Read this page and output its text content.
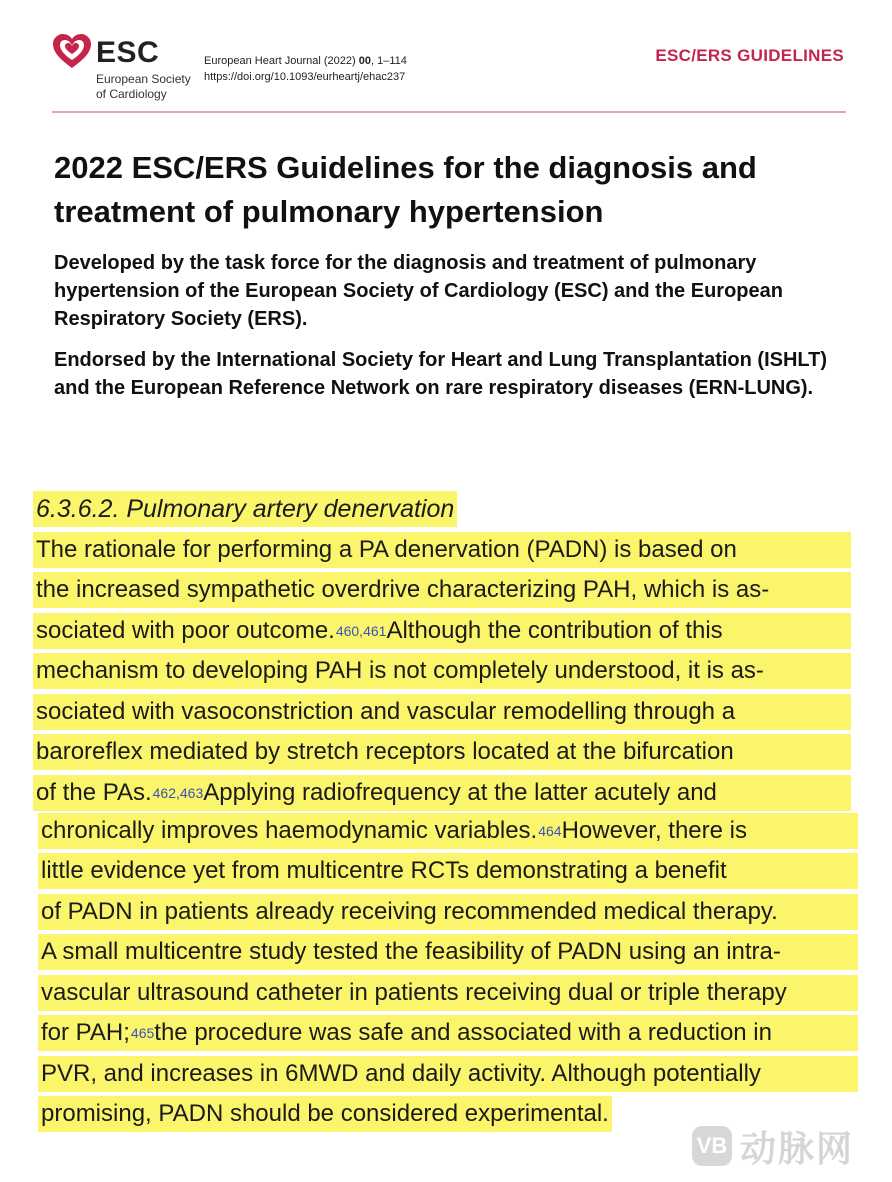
ESC
European Society
of Cardiology
European Heart Journal (2022) 00, 1–114
https://doi.org/10.1093/eurheartj/ehac237
ESC/ERS GUIDELINES
2022 ESC/ERS Guidelines for the diagnosis and treatment of pulmonary hypertension
Developed by the task force for the diagnosis and treatment of pulmonary hypertension of the European Society of Cardiology (ESC) and the European Respiratory Society (ERS).
Endorsed by the International Society for Heart and Lung Transplantation (ISHLT) and the European Reference Network on rare respiratory diseases (ERN-LUNG).
6.3.6.2. Pulmonary artery denervation
The rationale for performing a PA denervation (PADN) is based on
the increased sympathetic overdrive characterizing PAH, which is as-
sociated with poor outcome. 460,461 Although the contribution of this
mechanism to developing PAH is not completely understood, it is as-
sociated with vasoconstriction and vascular remodelling through a
baroreflex mediated by stretch receptors located at the bifurcation
of the PAs. 462,463 Applying radiofrequency at the latter acutely and
chronically improves haemodynamic variables. 464 However, there is
little evidence yet from multicentre RCTs demonstrating a benefit
of PADN in patients already receiving recommended medical therapy.
A small multicentre study tested the feasibility of PADN using an intra-
vascular ultrasound catheter in patients receiving dual or triple therapy
for PAH; 465 the procedure was safe and associated with a reduction in
PVR, and increases in 6MWD and daily activity. Although potentially
promising, PADN should be considered experimental.
VB 动脉网
